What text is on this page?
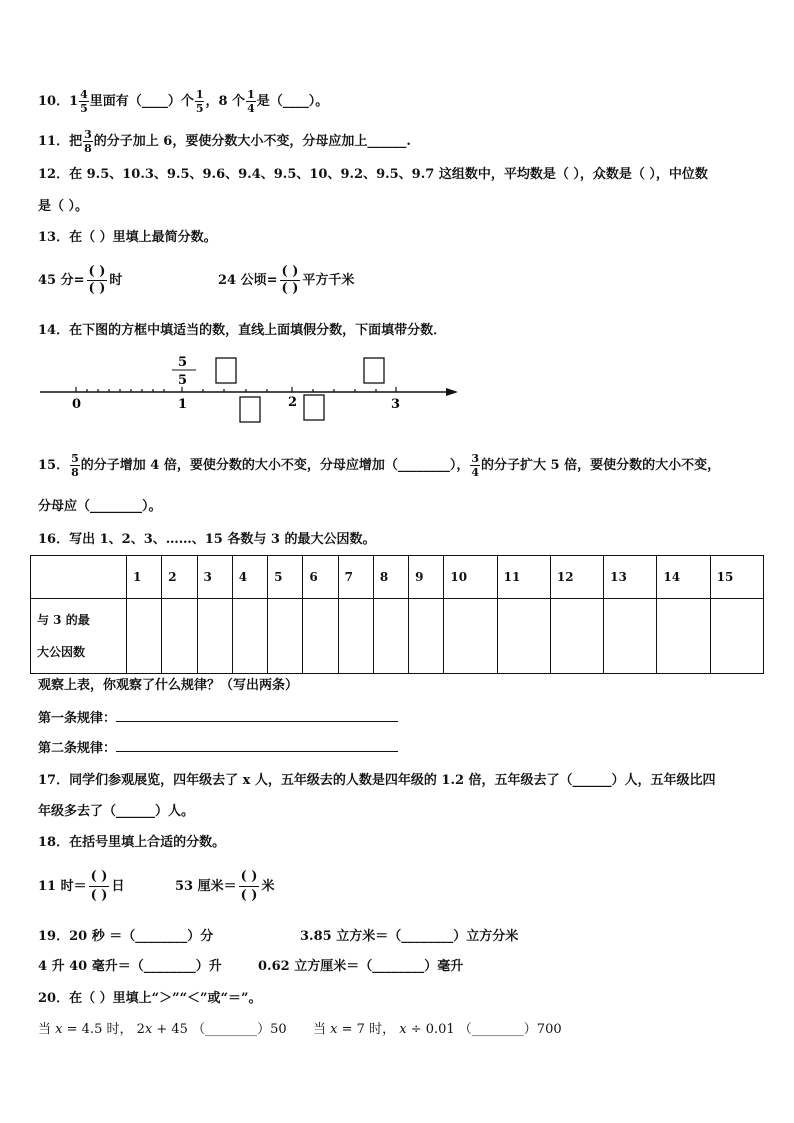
10．$1 \frac{4}{5}$ 里面有（____）个 $\frac{1}{5}$ ，8 个 $\frac{1}{4}$ 是（____）。
11．把 $\frac{3}{8}$ 的分子加上 6，要使分数大小不变，分母应加上______.
12．在 9.5、10.3、9.5、9.6、9.4、9.5、10、9.2、9.5、9.7 这组数中，平均数是（ ），众数是（ ），中位数
是（ ）。
13．在（ ）里填上最简分数。
45 分=
( )
( )
时	24 公顷=
( )
( )
平方千米
14．在下图的方框中填适当的数，直线上面填假分数，下面填带分数．
0	1	2	3
5
5
15． $\frac{5}{8}$ 的分子增加 4 倍，要使分数的大小不变，分母应增加（________）， $\frac{3}{4}$ 的分子扩大 5 倍，要使分数的大小不变，
分母应（________）。
16．写出 1、2、3、……、15 各数与 3 的最大公因数。
	1	2	3	4	5	6	7	8	9	10	11	12	13	14	15
与 3 的最
大公因数															
观察上表，你观察了什么规律？（写出两条）
第一条规律：
第二条规律：
17．同学们参观展览，四年级去了 x 人，五年级去的人数是四年级的 1.2 倍，五年级去了（______）人，五年级比四
年级多去了（______）人。
18．在括号里填上合适的分数。
11 时＝
( )
( )
日	53 厘米＝
( )
( )
米
19．20 秒 ＝（________）分	3.85 立方米＝（________）立方分米
4 升 40 毫升＝（________）升	0.62 立方厘米＝（________）毫升
20．在（ ）里填上“＞”“＜”或“＝”。
当 x = 4.5 时， 2x + 45 （________）50 当 x = 7 时， x ÷ 0.01 （________）700
